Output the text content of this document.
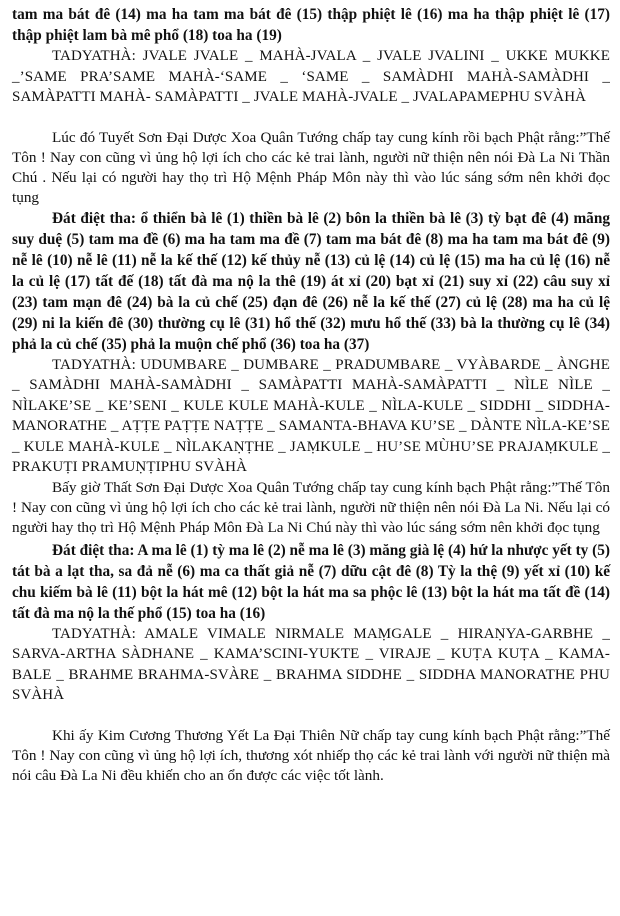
tam ma bát đê (14) ma ha tam ma bát đê (15) thập phiệt lê (16) ma ha thập phiệt lê (17) thập phiệt lam bà mê phổ (18) toa ha (19)

TADYATHÀ: JVALE JVALE _ MAHÀ-JVALA _ JVALE JVALINI _ UKKE MUKKE _’SAME PRA’SAME MAHÀ-‘SAME _ ‘SAME _ SAMÀDHI MAHÀ-SAMÀDHI _ SAMÀPATTI MAHÀ- SAMÀPATTI _ JVALE MAHÀ-JVALE _ JVALAPAMEPHU SVÀHÀ

Lúc đó Tuyết Sơn Đại Dược Xoa Quân Tướng chấp tay cung kính rồi bạch Phật rằng:”Thế Tôn ! Nay con cũng vì ủng hộ lợi ích cho các kẻ trai lành, người nữ thiện nên nói Đà La Ni Thần Chú . Nếu lại có người hay thọ trì Hộ Mệnh Pháp Môn này thì vào lúc sáng sớm nên khởi đọc tụng

Đát điệt tha: ổ thiển bà lê (1) thiền bà lê (2) bôn la thiền bà lê (3) tỳ bạt đê (4) mãng suy duệ (5) tam ma đề (6) ma ha tam ma đề (7) tam ma bát đê (8) ma ha tam ma bát đê (9) nễ lê (10) nễ lê (11) nễ la kế thế (12) kế thủy nễ (13) củ lệ (14) củ lệ (15) ma ha củ lệ (16) nễ la củ lệ (17) tất đế (18) tất đà ma nộ la thê (19) át xỉ (20) bạt xỉ (21) suy xỉ (22) câu suy xỉ (23) tam mạn đê (24) bà la củ chế (25) đạn đê (26) nễ la kế thế (27) củ lệ (28) ma ha củ lệ (29) ni la kiến đê (30) thường cụ lê (31) hổ thế (32) mưu hổ thế (33) bà la thường cụ lê (34) phả la củ chế (35) phả la muộn chế phổ (36) toa ha (37)

TADYATHÀ: UDUMBARE _ DUMBARE _ PRADUMBARE _ VYÀBARDE _ ÀNGHE _ SAMÀDHI MAHÀ-SAMÀDHI _ SAMÀPATTI MAHÀ-SAMÀPATTI _ NÌLE NÌLE _ NÌLAKE’SE _ KE’SENI _ KULE KULE MAHÀ-KULE _ NÌLA-KULE _ SIDDHI _ SIDDHA-MANORATHE _ AṬṬE PAṬṬE NAṬṬE _ SAMANTA-BHAVA KU’SE _ DÀNTE NÌLA-KE’SE _ KULE MAHÀ-KULE _ NÌLAKAṆṬHE _ JAṂKULE _ HU’SE MÙHU’SE PRAJAṂKULE _ PRAKUṬI PRAMUṆṬIPHU SVÀHÀ

Bấy giờ Thất Sơn Đại Dược Xoa Quân Tướng chấp tay cung kính bạch Phật rằng:”Thế Tôn ! Nay con cũng vì ủng hộ lợi ích cho các kẻ trai lành, người nữ thiện nên nói Đà La Ni. Nếu lại có người hay thọ trì Hộ Mệnh Pháp Môn Đà La Ni Chú này thì vào lúc sáng sớm nên khởi đọc tụng

Đát điệt tha: A ma lê (1) tỳ ma lê (2) nễ ma lê (3) măng già lệ (4) hứ la nhược yết ty (5) tát bà a lạt tha, sa đả nễ (6) ma ca thất giả nễ (7) dữu cật đê (8) Tỳ la thệ (9) yết xỉ (10) kế chu kiếm bà lê (11) bột la hát mê (12) bột la hát ma sa phộc lê (13) bột la hát ma tất đề (14) tất đà ma nộ la thế phổ (15) toa ha (16)

TADYATHÀ: AMALE VIMALE NIRMALE MAṂGALE _ HIRAṆYA-GARBHE _ SARVA-ARTHA SÀDHANE _ KAMA’SCINI-YUKTE _ VIRAJE _ KUṬA KUṬA _ KAMA-BALE _ BRAHME BRAHMA-SVÀRE _ BRAHMA SIDDHE _ SIDDHA MANORATHE PHU SVÀHÀ

Khi ấy Kim Cương Thương Yết La Đại Thiên Nữ chấp tay cung kính bạch Phật rằng:”Thế Tôn ! Nay con cũng vì ủng hộ lợi ích, thương xót nhiếp thọ các kẻ trai lành với người nữ thiện mà nói câu Đà La Ni đều khiến cho an ổn được các việc tốt lành.
